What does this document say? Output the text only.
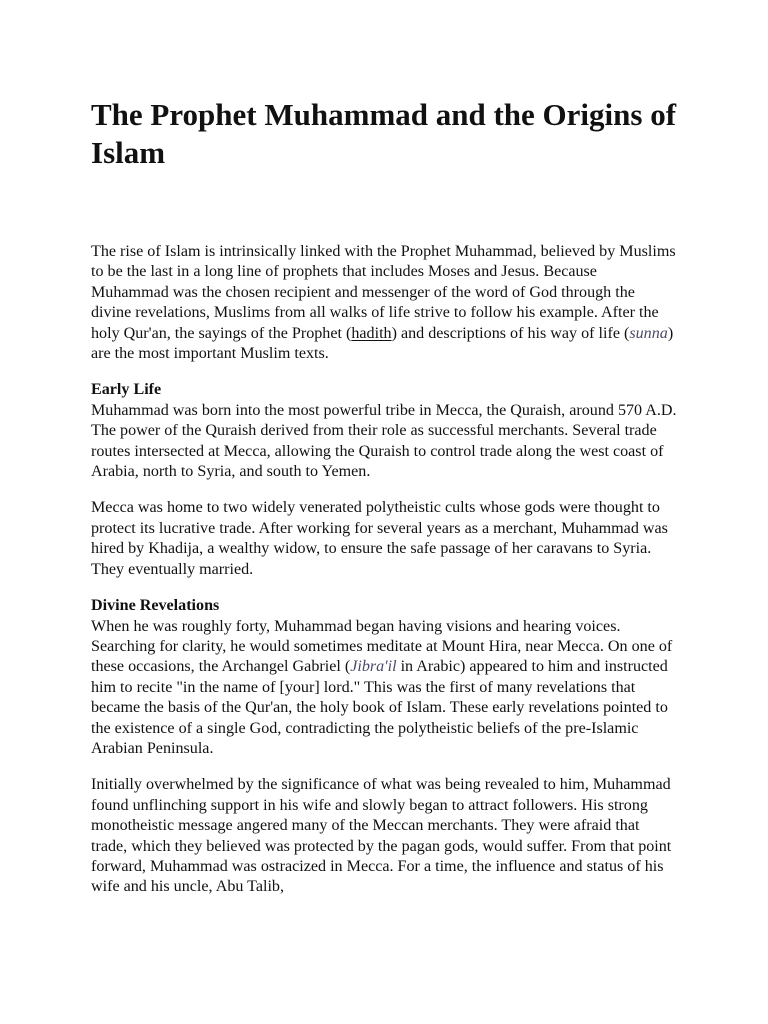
The Prophet Muhammad and the Origins of Islam

The rise of Islam is intrinsically linked with the Prophet Muhammad, believed by Muslims to be the last in a long line of prophets that includes Moses and Jesus. Because Muhammad was the chosen recipient and messenger of the word of God through the divine revelations, Muslims from all walks of life strive to follow his example. After the holy Qur'an, the sayings of the Prophet (hadith) and descriptions of his way of life (sunna) are the most important Muslim texts.

Early Life
Muhammad was born into the most powerful tribe in Mecca, the Quraish, around 570 A.D. The power of the Quraish derived from their role as successful merchants. Several trade routes intersected at Mecca, allowing the Quraish to control trade along the west coast of Arabia, north to Syria, and south to Yemen.

Mecca was home to two widely venerated polytheistic cults whose gods were thought to protect its lucrative trade. After working for several years as a merchant, Muhammad was hired by Khadija, a wealthy widow, to ensure the safe passage of her caravans to Syria. They eventually married.

Divine Revelations
When he was roughly forty, Muhammad began having visions and hearing voices. Searching for clarity, he would sometimes meditate at Mount Hira, near Mecca. On one of these occasions, the Archangel Gabriel (Jibra'il in Arabic) appeared to him and instructed him to recite "in the name of [your] lord." This was the first of many revelations that became the basis of the Qur'an, the holy book of Islam. These early revelations pointed to the existence of a single God, contradicting the polytheistic beliefs of the pre-Islamic Arabian Peninsula.

Initially overwhelmed by the significance of what was being revealed to him, Muhammad found unflinching support in his wife and slowly began to attract followers. His strong monotheistic message angered many of the Meccan merchants. They were afraid that trade, which they believed was protected by the pagan gods, would suffer. From that point forward, Muhammad was ostracized in Mecca. For a time, the influence and status of his wife and his uncle, Abu Talib,
